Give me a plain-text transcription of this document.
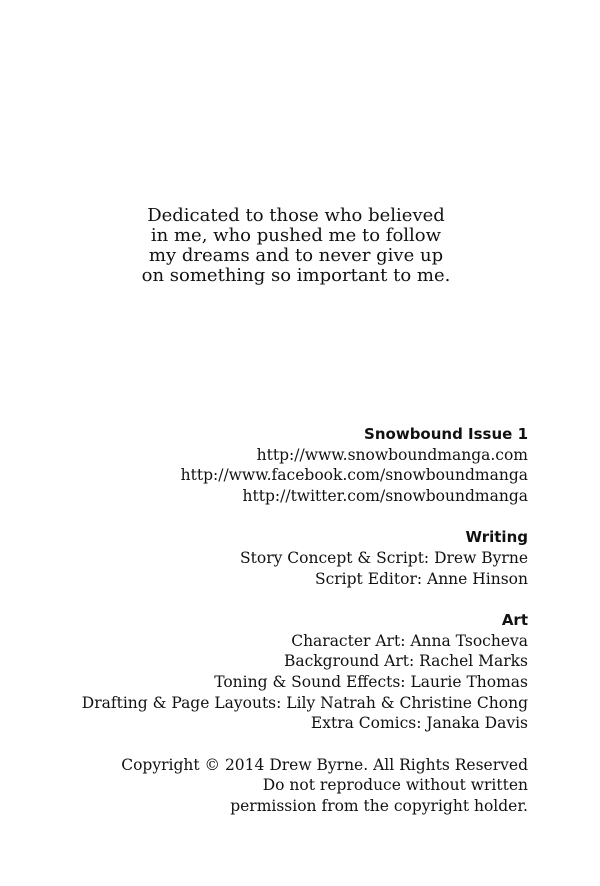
Dedicated to those who believed
in me, who pushed me to follow
my dreams and to never give up
on something so important to me.
Snowbound Issue 1
http://www.snowboundmanga.com
http://www.facebook.com/snowboundmanga
http://twitter.com/snowboundmanga
Writing
Story Concept & Script: Drew Byrne
Script Editor: Anne Hinson
Art
Character Art: Anna Tsocheva
Background Art: Rachel Marks
Toning & Sound Effects: Laurie Thomas
Drafting & Page Layouts: Lily Natrah & Christine Chong
Extra Comics: Janaka Davis
Copyright © 2014 Drew Byrne. All Rights Reserved
Do not reproduce without written
permission from the copyright holder.
